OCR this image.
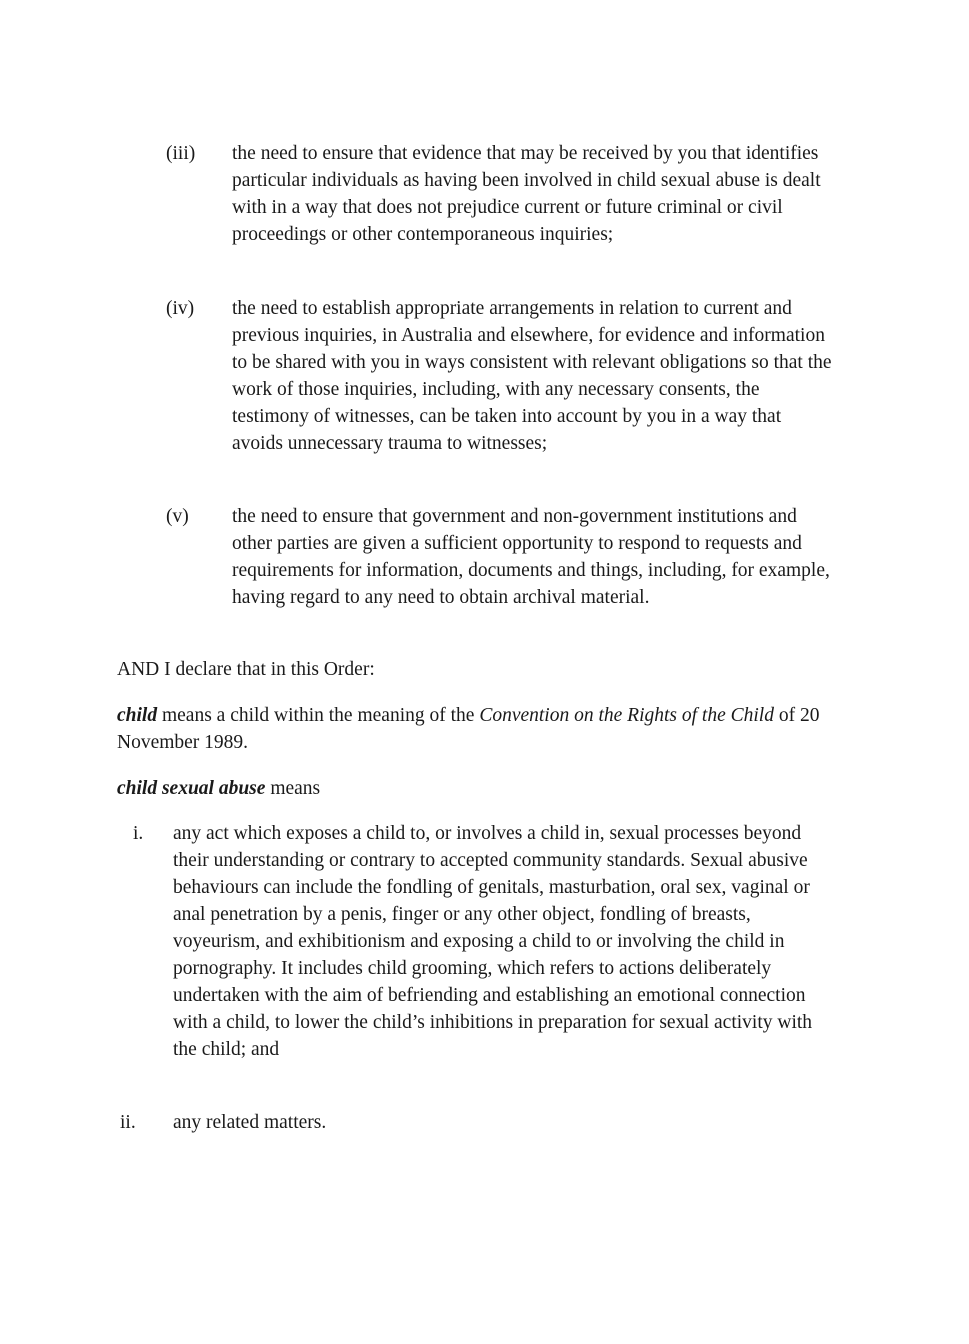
(iii) the need to ensure that evidence that may be received by you that identifies particular individuals as having been involved in child sexual abuse is dealt with in a way that does not prejudice current or future criminal or civil proceedings or other contemporaneous inquiries;
(iv) the need to establish appropriate arrangements in relation to current and previous inquiries, in Australia and elsewhere, for evidence and information to be shared with you in ways consistent with relevant obligations so that the work of those inquiries, including, with any necessary consents, the testimony of witnesses, can be taken into account by you in a way that avoids unnecessary trauma to witnesses;
(v) the need to ensure that government and non-government institutions and other parties are given a sufficient opportunity to respond to requests and requirements for information, documents and things, including, for example, having regard to any need to obtain archival material.
AND I declare that in this Order:
child means a child within the meaning of the Convention on the Rights of the Child of 20 November 1989.
child sexual abuse means
i. any act which exposes a child to, or involves a child in, sexual processes beyond their understanding or contrary to accepted community standards. Sexual abusive behaviours can include the fondling of genitals, masturbation, oral sex, vaginal or anal penetration by a penis, finger or any other object, fondling of breasts, voyeurism, and exhibitionism and exposing a child to or involving the child in pornography. It includes child grooming, which refers to actions deliberately undertaken with the aim of befriending and establishing an emotional connection with a child, to lower the child’s inhibitions in preparation for sexual activity with the child; and
ii. any related matters.
